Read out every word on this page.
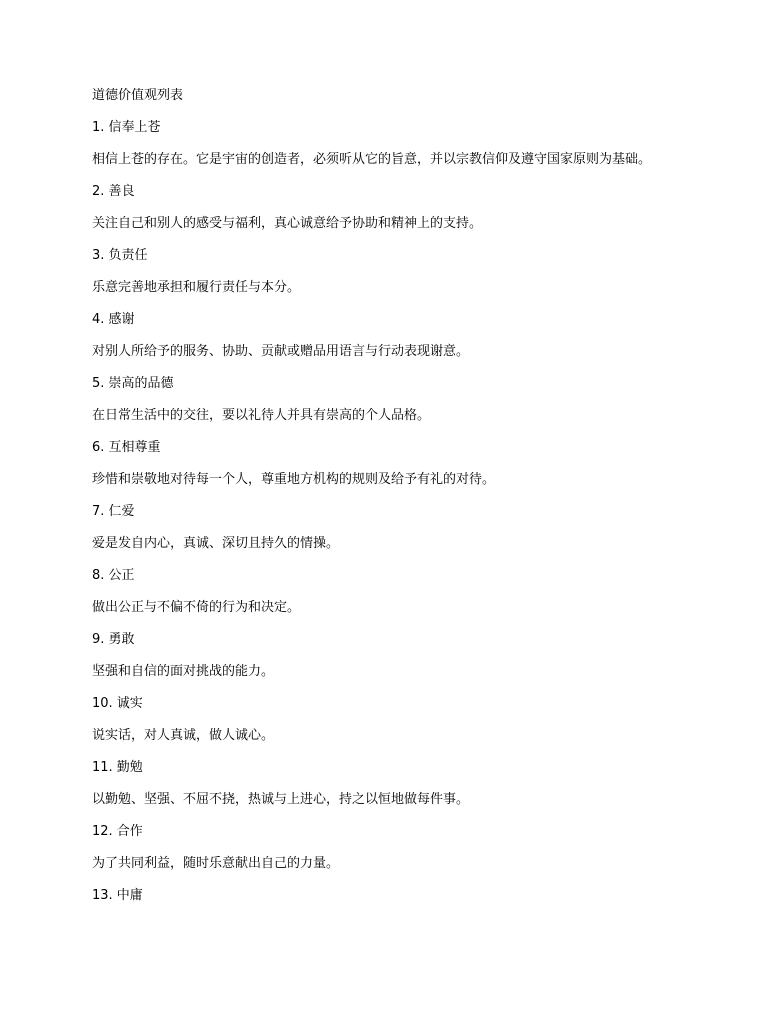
道德价值观列表

1. 信奉上苍

相信上苍的存在。它是宇宙的创造者，必须听从它的旨意，并以宗教信仰及遵守国家原则为基础。

2. 善良

关注自己和别人的感受与福利，真心诚意给予协助和精神上的支持。

3. 负责任

乐意完善地承担和履行责任与本分。

4. 感谢

对别人所给予的服务、协助、贡献或赠品用语言与行动表现谢意。

5. 崇高的品德

在日常生活中的交往，要以礼待人并具有崇高的个人品格。

6. 互相尊重

珍惜和崇敬地对待每一个人，尊重地方机构的规则及给予有礼的对待。

7. 仁爱

爱是发自内心，真诚、深切且持久的情操。

8. 公正

做出公正与不偏不倚的行为和决定。

9. 勇敢

坚强和自信的面对挑战的能力。

10. 诚实

说实话，对人真诚，做人诚心。

11. 勤勉

以勤勉、坚强、不屈不挠，热诚与上进心，持之以恒地做每件事。

12. 合作

为了共同利益，随时乐意献出自己的力量。

13. 中庸
